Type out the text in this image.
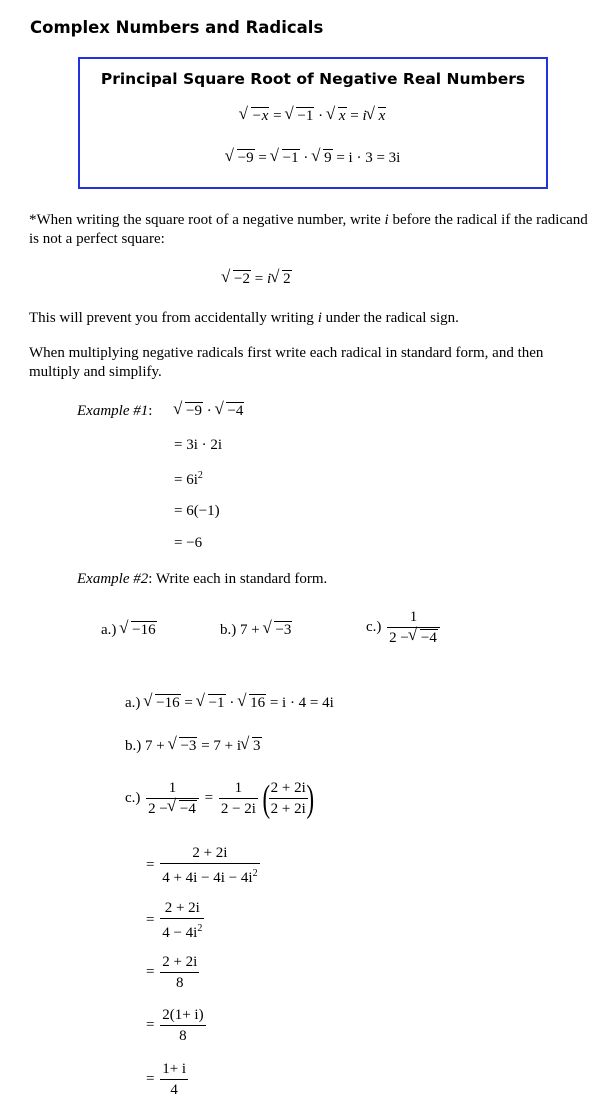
Complex Numbers and Radicals
Principal Square Root of Negative Real Numbers
√ −x = √ −1 · √ x = i √ x
√ −9 = √ −1 · √ 9 = i · 3 = 3i
*When writing the square root of a negative number, write i before the radical if the radicand is not a perfect square:
√ −2 = i √ 2
This will prevent you from accidentally writing i under the radical sign.
When multiplying negative radicals first write each radical in standard form, and then multiply and simplify.
Example #1:	√ −9 · √ −4
= 3i · 2i
= $6i^2$
= 6(−1)
= −6
Example #2: Write each in standard form.
a.) √ −16	b.) 7 + √ −3	$c.) \frac{1}{2 - √ -4}$
a.) √ −16 = √ −1 · √ 16 = i · 4 = 4i
b.) 7 + √ −3 = 7 + i √ 3
$c.) \frac{1}{2 - √ -4} = \frac{1}{2 - 2i}$ (
$\frac{2 + 2i}{2 + 2i}$
)
= $\frac{2 + 2i}{4 + 4i - 4i - 4i^2}$
= $\frac{2 + 2i}{4 - 4i^2}$
= $\frac{2 + 2i}{8}$
= $\frac{2(1+ i)}{8}$
= $\frac{1+ i}{4}$
